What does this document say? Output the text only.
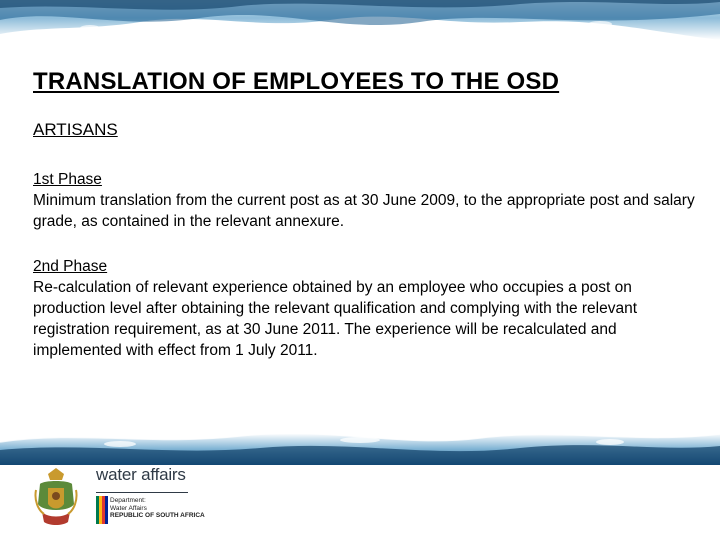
TRANSLATION OF EMPLOYEES TO THE OSD

ARTISANS

1st Phase
Minimum translation from the current post as at 30 June 2009, to the appropriate post and salary grade, as contained in the relevant annexure.
2nd Phase
Re-calculation of relevant experience obtained by an employee who occupies a post on production level after obtaining the relevant qualification and complying with the relevant registration requirement, as at 30 June 2011. The experience will be recalculated and implemented with effect from 1 July 2011.

water affairs

Department:
Water Affairs
REPUBLIC OF SOUTH AFRICA
